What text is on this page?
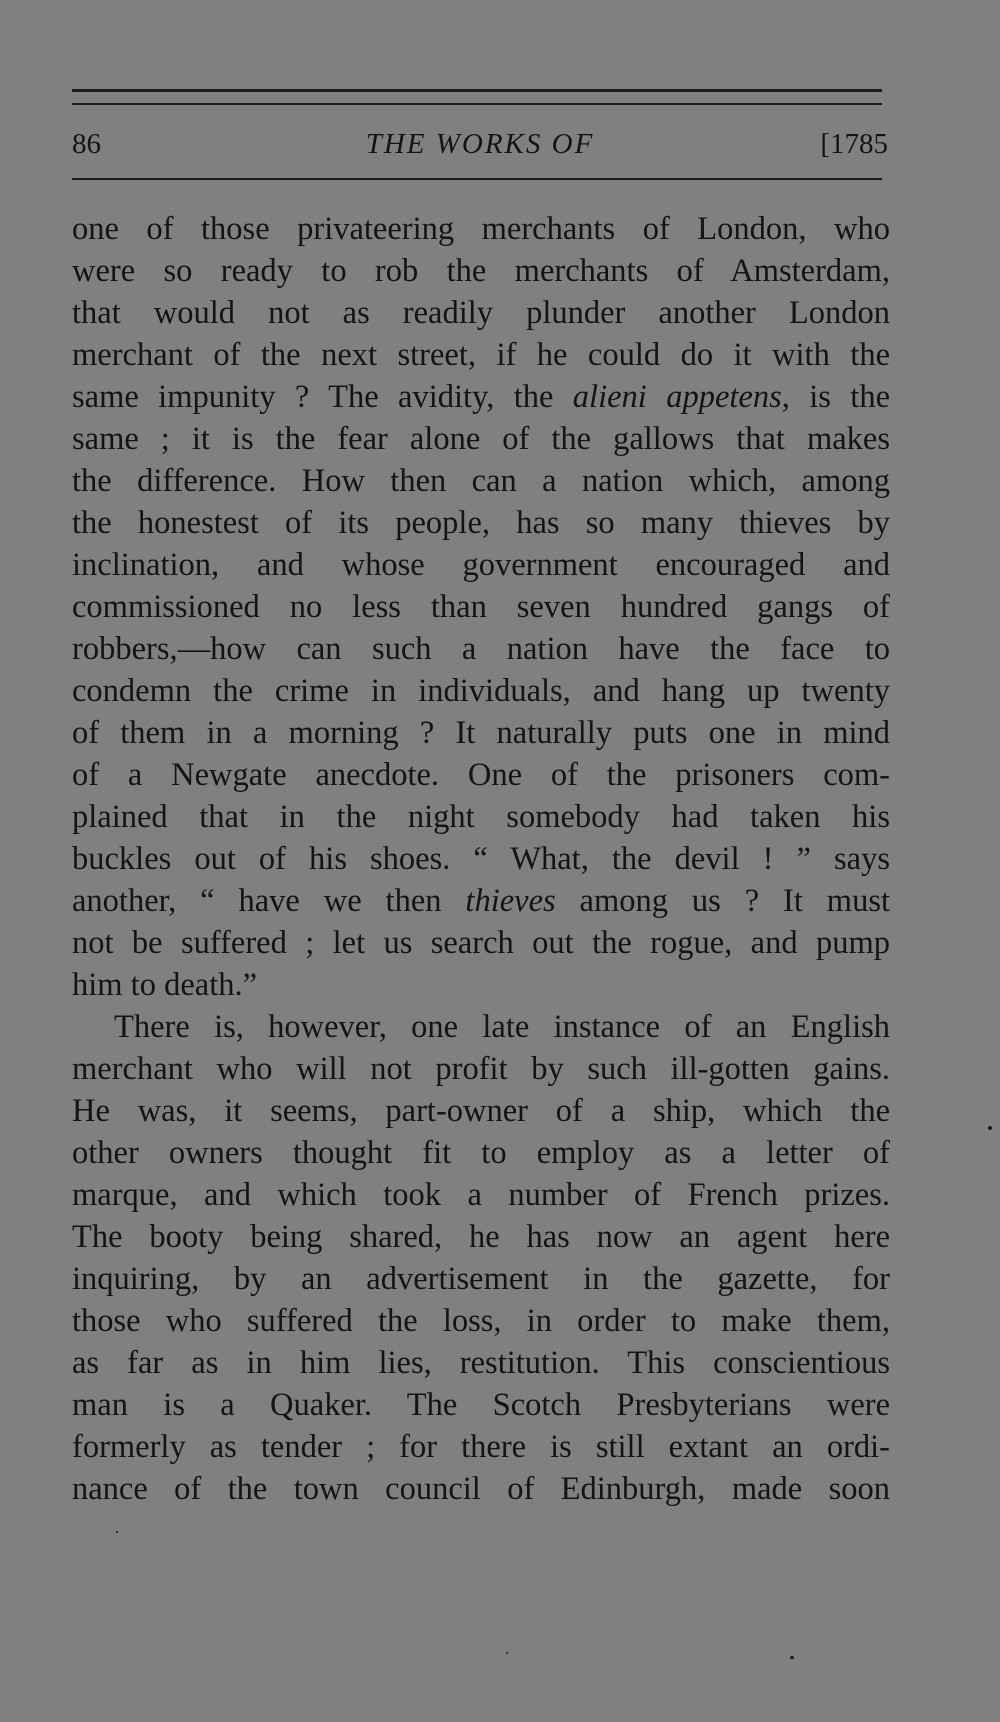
86	THE WORKS OF	[1785
one of those privateering merchants of London, who
were so ready to rob the merchants of Amsterdam,
that would not as readily plunder another London
merchant of the next street, if he could do it with the
same impunity ? The avidity, the alieni appetens, is the
same ; it is the fear alone of the gallows that makes
the difference. How then can a nation which, among
the honestest of its people, has so many thieves by
inclination, and whose government encouraged and
commissioned no less than seven hundred gangs of
robbers,—how can such a nation have the face to
condemn the crime in individuals, and hang up twenty
of them in a morning ? It naturally puts one in mind
of a Newgate anecdote. One of the prisoners com-
plained that in the night somebody had taken his
buckles out of his shoes. “ What, the devil ! ” says
another, “ have we then thieves among us ? It must
not be suffered ; let us search out the rogue, and pump
him to death.”
There is, however, one late instance of an English
merchant who will not profit by such ill-gotten gains.
He was, it seems, part-owner of a ship, which the
other owners thought fit to employ as a letter of
marque, and which took a number of French prizes.
The booty being shared, he has now an agent here
inquiring, by an advertisement in the gazette, for
those who suffered the loss, in order to make them,
as far as in him lies, restitution. This conscientious
man is a Quaker. The Scotch Presbyterians were
formerly as tender ; for there is still extant an ordi-
nance of the town council of Edinburgh, made soon
